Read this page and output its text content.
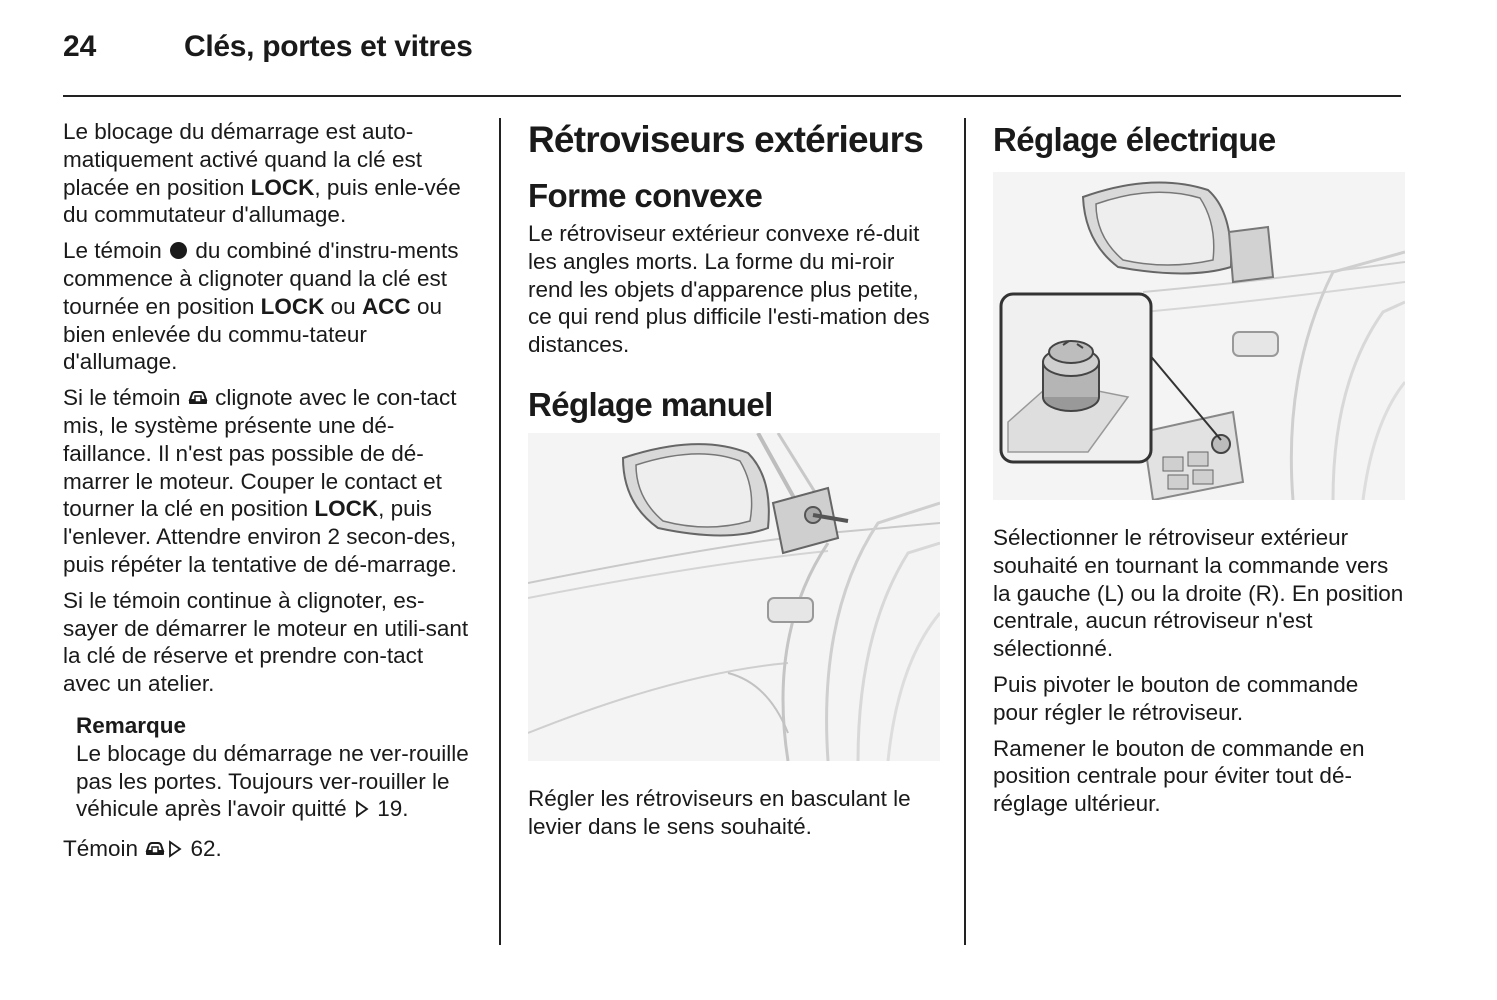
24	Clés, portes et vitres

Le blocage du démarrage est auto-matiquement activé quand la clé est placée en position LOCK, puis enle-vée du commutateur d'allumage.

Le témoin  du combiné d'instru-ments commence à clignoter quand la clé est tournée en position LOCK ou ACC ou bien enlevée du commu-tateur d'allumage.

Si le témoin
clignote avec le con-tact mis, le système présente une dé-faillance. Il n'est pas possible de dé-marrer le moteur. Couper le contact et tourner la clé en position LOCK, puis l'enlever. Attendre environ 2 secon-des, puis répéter la tentative de dé-marrage.

Si le témoin continue à clignoter, es-sayer de démarrer le moteur en utili-sant la clé de réserve et prendre con-tact avec un atelier.

Remarque
Le blocage du démarrage ne ver-rouille pas les portes. Toujours ver-rouiller le véhicule après l'avoir quitté
19.

Témoin
62.

Rétroviseurs extérieurs
Forme convexe

Le rétroviseur extérieur convexe ré-duit les angles morts. La forme du mi-roir rend les objets d'apparence plus petite, ce qui rend plus difficile l'esti-mation des distances.

Réglage manuel

Régler les rétroviseurs en basculant le levier dans le sens souhaité.

Réglage électrique

Sélectionner le rétroviseur extérieur souhaité en tournant la commande vers la gauche (L) ou la droite (R). En position centrale, aucun rétroviseur n'est sélectionné.

Puis pivoter le bouton de commande pour régler le rétroviseur.

Ramener le bouton de commande en position centrale pour éviter tout dé-réglage ultérieur.
